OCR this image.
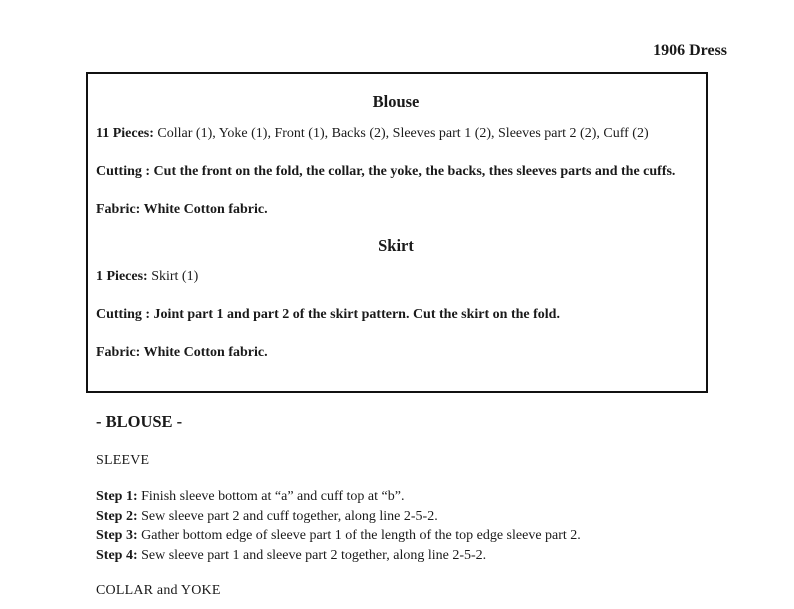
1906 Dress
Blouse

11 Pieces: Collar (1), Yoke (1), Front (1), Backs (2), Sleeves part 1 (2), Sleeves part 2 (2), Cuff (2)

Cutting : Cut the front on the fold, the collar, the yoke, the backs, thes sleeves parts and the cuffs.

Fabric: White Cotton fabric.

Skirt

1 Pieces: Skirt (1)

Cutting : Joint part 1 and part 2 of the skirt pattern. Cut the skirt on the fold.

Fabric: White Cotton fabric.

- BLOUSE -

SLEEVE

Step 1: Finish sleeve bottom at “a” and cuff top at “b”.

Step 2: Sew sleeve part 2 and cuff together, along line 2-5-2.

Step 3: Gather bottom edge of sleeve part 1 of the length of the top edge sleeve part 2.

Step 4: Sew sleeve part 1 and sleeve part 2 together, along line 2-5-2.

COLLAR and YOKE
